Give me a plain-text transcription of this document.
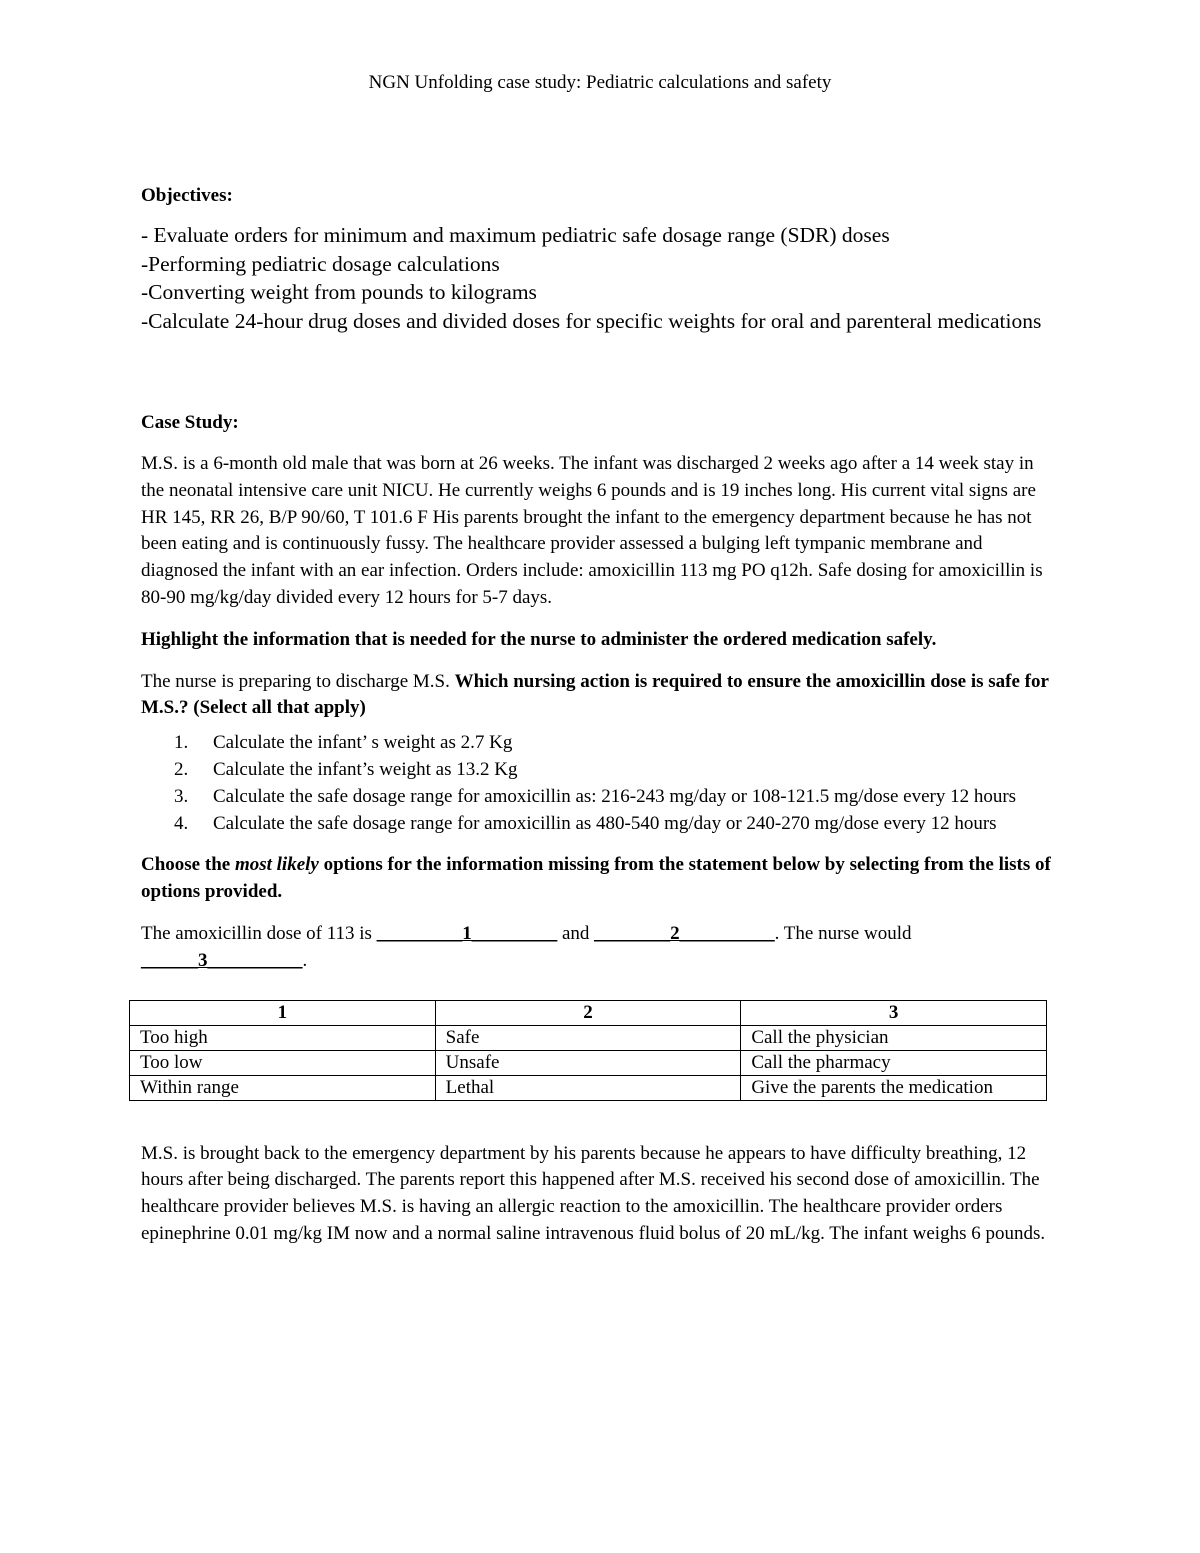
NGN Unfolding case study: Pediatric calculations and safety

Objectives:

- Evaluate orders for minimum and maximum pediatric safe dosage range (SDR) doses
-Performing pediatric dosage calculations
-Converting weight from pounds to kilograms
-Calculate 24-hour drug doses and divided doses for specific weights for oral and parenteral medications

Case Study:

M.S. is a 6-month old male that was born at 26 weeks. The infant was discharged 2 weeks ago after a 14 week stay in the neonatal intensive care unit NICU. He currently weighs 6 pounds and is 19 inches long. His current vital signs are HR 145, RR 26, B/P 90/60, T 101.6 F His parents brought the infant to the emergency department because he has not been eating and is continuously fussy. The healthcare provider assessed a bulging left tympanic membrane and diagnosed the infant with an ear infection. Orders include: amoxicillin 113 mg PO q12h. Safe dosing for amoxicillin is 80-90 mg/kg/day divided every 12 hours for 5-7 days.

Highlight the information that is needed for the nurse to administer the ordered medication safely.

The nurse is preparing to discharge M.S. Which nursing action is required to ensure the amoxicillin dose is safe for M.S.? (Select all that apply)

1. Calculate the infant’ s weight as 2.7 Kg
2. Calculate the infant’s weight as 13.2 Kg
3. Calculate the safe dosage range for amoxicillin as: 216-243 mg/day or 108-121.5 mg/dose every 12 hours
4. Calculate the safe dosage range for amoxicillin as 480-540 mg/day or 240-270 mg/dose every 12 hours

Choose the most likely options for the information missing from the statement below by selecting from the lists of options provided.

The amoxicillin dose of 113 is _________1_________ and ________2__________. The nurse would ______3__________.

1	2	3
Too high	Safe	Call the physician
Too low	Unsafe	Call the pharmacy
Within range	Lethal	Give the parents the medication

M.S. is brought back to the emergency department by his parents because he appears to have difficulty breathing, 12 hours after being discharged. The parents report this happened after M.S. received his second dose of amoxicillin. The healthcare provider believes M.S. is having an allergic reaction to the amoxicillin. The healthcare provider orders epinephrine 0.01 mg/kg IM now and a normal saline intravenous fluid bolus of 20 mL/kg. The infant weighs 6 pounds.
